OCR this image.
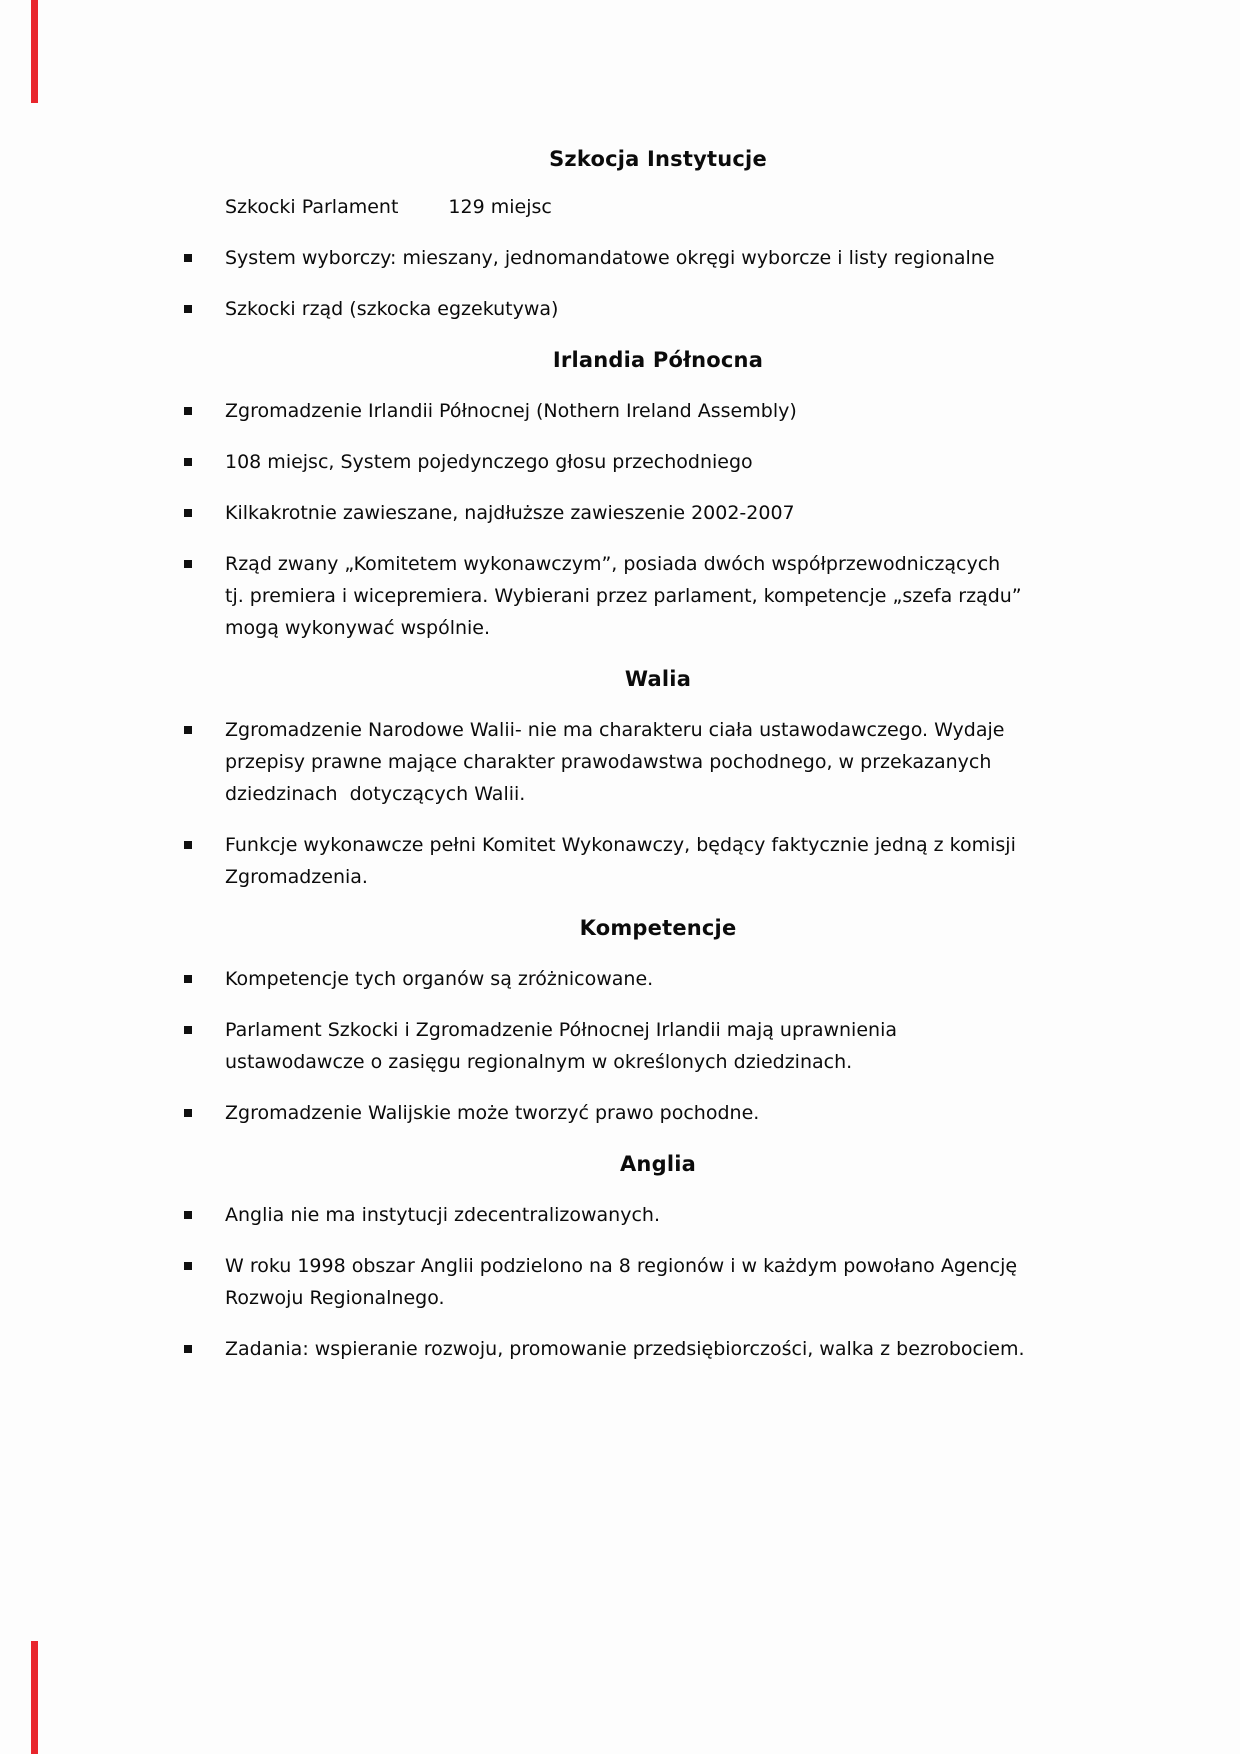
Szkocja Instytucje
Szkocki Parlament	129 miejsc
System wyborczy: mieszany, jednomandatowe okręgi wyborcze i listy regionalne
Szkocki rząd (szkocka egzekutywa)
Irlandia Północna
Zgromadzenie Irlandii Północnej (Nothern Ireland Assembly)
108 miejsc, System pojedynczego głosu przechodniego
Kilkakrotnie zawieszane, najdłuższe zawieszenie 2002-2007
Rząd zwany „Komitetem wykonawczym”, posiada dwóch współprzewodniczących tj. premiera i wicepremiera. Wybierani przez parlament, kompetencje „szefa rządu” mogą wykonywać wspólnie.
Walia
Zgromadzenie Narodowe Walii- nie ma charakteru ciała ustawodawczego. Wydaje przepisy prawne mające charakter prawodawstwa pochodnego, w przekazanych  dziedzinach  dotyczących Walii.
Funkcje wykonawcze pełni Komitet Wykonawczy, będący faktycznie jedną z komisji Zgromadzenia.
Kompetencje
Kompetencje tych organów są zróżnicowane.
Parlament Szkocki i Zgromadzenie Północnej Irlandii mają uprawnienia ustawodawcze o zasięgu regionalnym w określonych dziedzinach.
Zgromadzenie Walijskie może tworzyć prawo pochodne.
Anglia
Anglia nie ma instytucji zdecentralizowanych.
W roku 1998 obszar Anglii podzielono na 8 regionów i w każdym powołano Agencję Rozwoju Regionalnego.
Zadania: wspieranie rozwoju, promowanie przedsiębiorczości, walka z bezrobociem.
